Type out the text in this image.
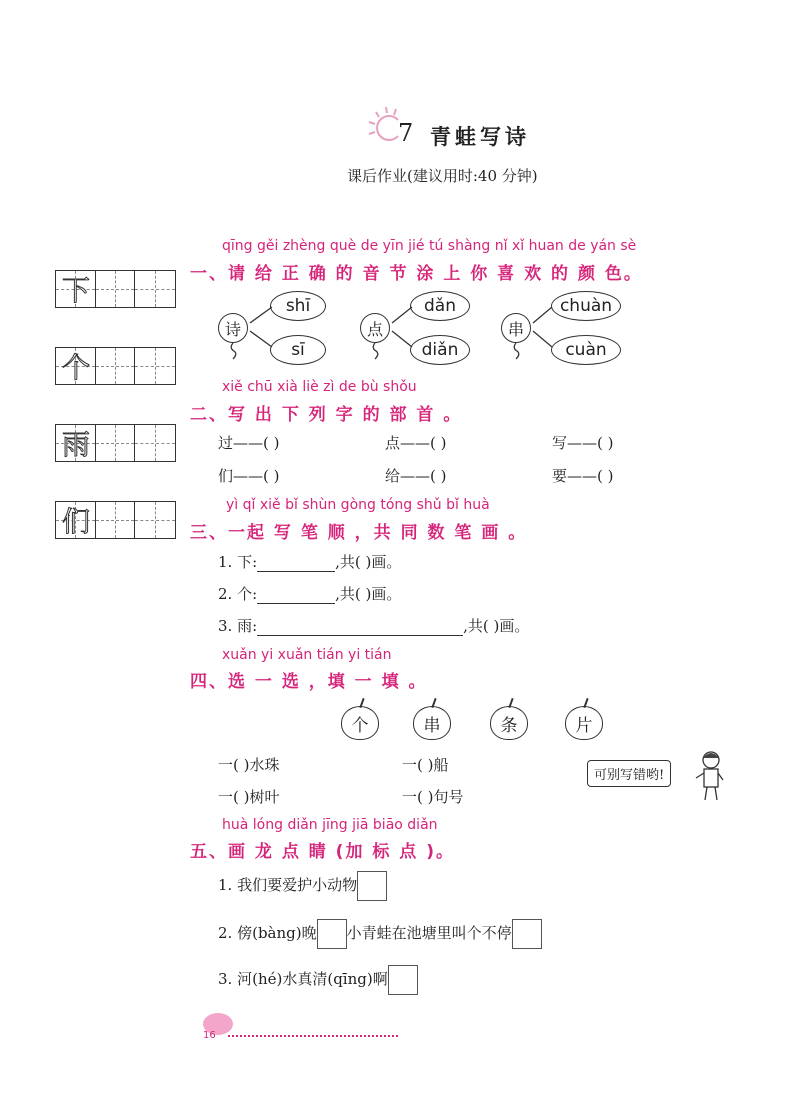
7 青蛙写诗
课后作业(建议用时:40 分钟)
下
个
雨
们
qīng gěi zhèng què de yīn jié tú shàng nǐ xǐ huan de yán sè
一、请 给 正 确 的 音 节 涂 上 你 喜 欢 的 颜 色。
诗
shī
sī
点
dǎn
diǎn
串
chuàn
cuàn
xiě chū xià liè zì de bù shǒu
二、写 出 下 列 字 的 部 首 。
过——( )	点——( )	写——( )
们——( )	给——( )	要——( )
yì qǐ xiě bǐ shùn gòng tóng shǔ bǐ huà
三、一起 写 笔 顺 ，共 同 数 笔 画 。
1. 下:	,共( )画。
2. 个:	,共( )画。
3. 雨:	,共( )画。
xuǎn yi xuǎn tián yi tián
四、选 一 选 ，填 一 填 。
个	串	条	片
一( )水珠	一( )船
一( )树叶	一( )句号
可别写错哟!
huà lóng diǎn jīng jiā biāo diǎn
五、画 龙 点 睛 (加 标 点 )。
1. 我们要爱护小动物
2. 傍(bàng)晚 小青蛙在池塘里叫个不停
3. 河(hé)水真清(qīng)啊
16
